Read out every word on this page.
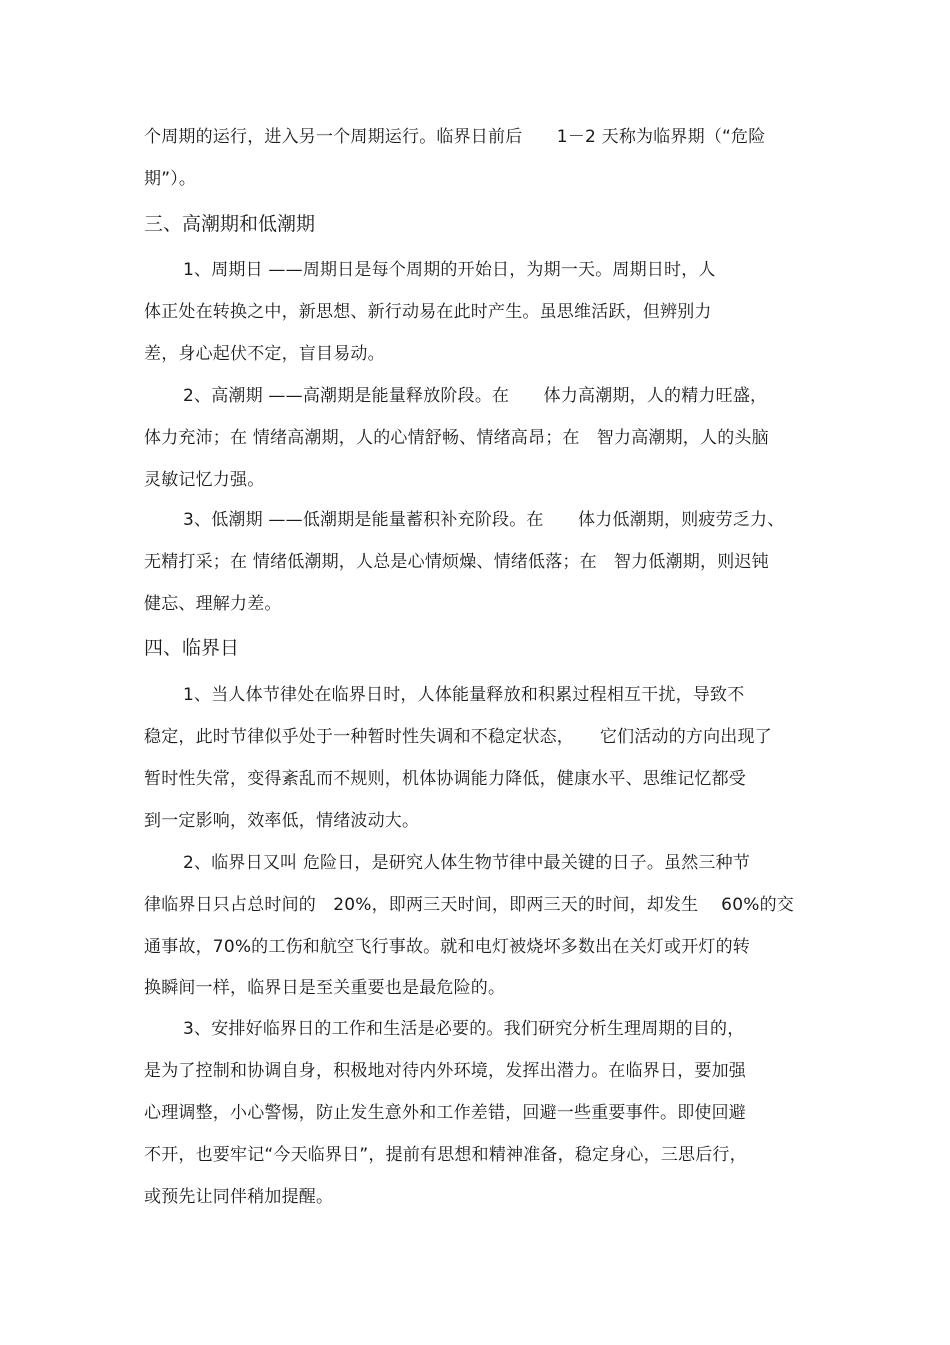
个周期的运行，进入另一个周期运行。临界日前后　　1－2 天称为临界期（“危险
期”）。
三、高潮期和低潮期
1、周期日 ——周期日是每个周期的开始日，为期一天。周期日时，人
体正处在转换之中，新思想、新行动易在此时产生。虽思维活跃，但辨别力
差，身心起伏不定，盲目易动。
2、高潮期 ——高潮期是能量释放阶段。在　　体力高潮期，人的精力旺盛，
体力充沛；在 情绪高潮期，人的心情舒畅、情绪高昂；在　智力高潮期，人的头脑
灵敏记忆力强。
3、低潮期 ——低潮期是能量蓄积补充阶段。在　　体力低潮期，则疲劳乏力、
无精打采；在 情绪低潮期，人总是心情烦燥、情绪低落；在　智力低潮期，则迟钝
健忘、理解力差。
四、临界日
1、当人体节律处在临界日时，人体能量释放和积累过程相互干扰，导致不
稳定，此时节律似乎处于一种暂时性失调和不稳定状态，　　它们活动的方向出现了
暂时性失常，变得紊乱而不规则，机体协调能力降低，健康水平、思维记忆都受
到一定影响，效率低，情绪波动大。
2、临界日又叫 危险日，是研究人体生物节律中最关键的日子。虽然三种节
律临界日只占总时间的　20%，即两三天时间，即两三天的时间，却发生　 60%的交
通事故，70%的工伤和航空飞行事故。就和电灯被烧坏多数出在关灯或开灯的转
换瞬间一样，临界日是至关重要也是最危险的。
3、安排好临界日的工作和生活是必要的。我们研究分析生理周期的目的，
是为了控制和协调自身，积极地对待内外环境，发挥出潜力。在临界日，要加强
心理调整，小心警惕，防止发生意外和工作差错，回避一些重要事件。即使回避
不开，也要牢记“今天临界日”，提前有思想和精神准备，稳定身心，三思后行，
或预先让同伴稍加提醒。
